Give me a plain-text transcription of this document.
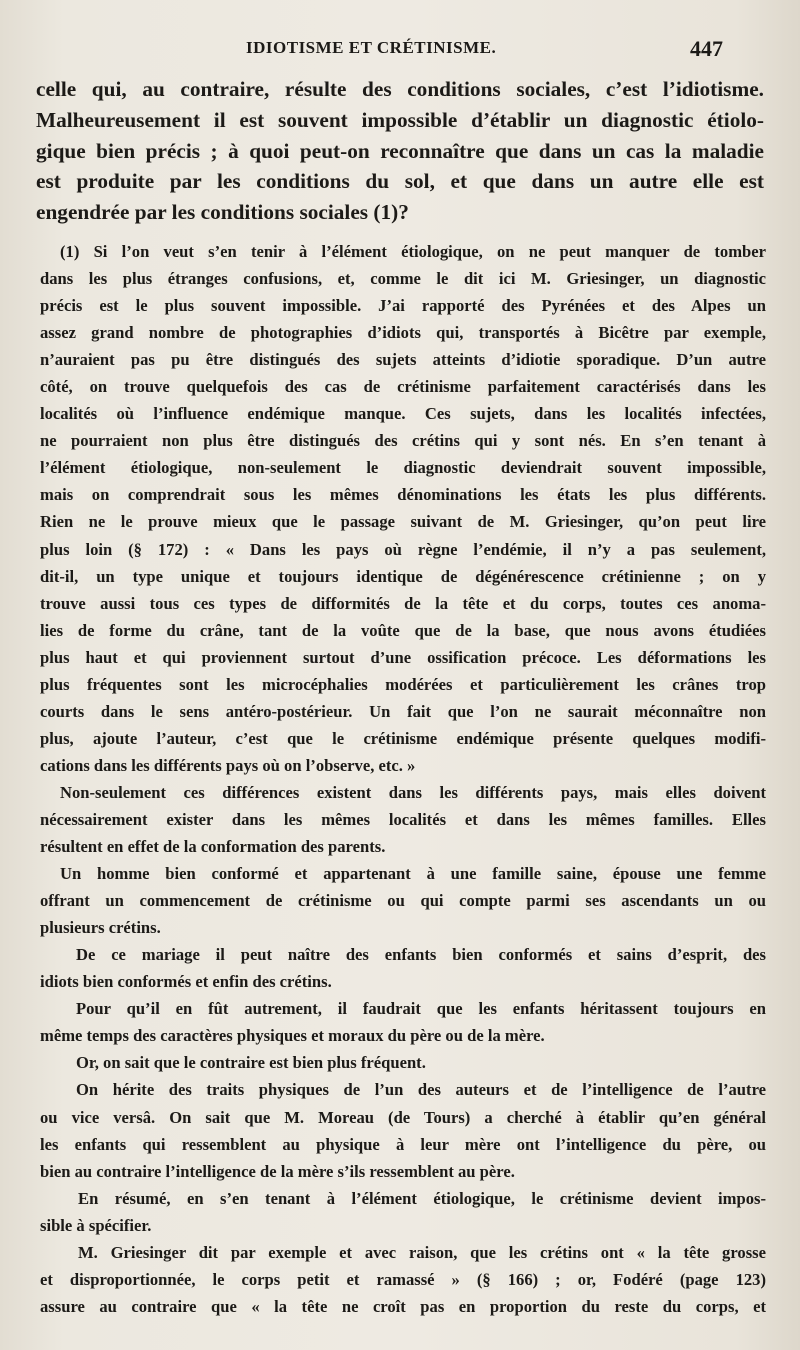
IDIOTISME ET CRÉTINISME.	447
celle qui, au contraire, résulte des conditions sociales, c’est l’idiotisme.
Malheureusement il est souvent impossible d’établir un diagnostic étiolo-
gique bien précis ; à quoi peut-on reconnaître que dans un cas la maladie
est produite par les conditions du sol, et que dans un autre elle est
engendrée par les conditions sociales (1)?
(1) Si l’on veut s’en tenir à l’élément étiologique, on ne peut manquer de tomber
dans les plus étranges confusions, et, comme le dit ici M. Griesinger, un diagnostic
précis est le plus souvent impossible. J’ai rapporté des Pyrénées et des Alpes un
assez grand nombre de photographies d’idiots qui, transportés à Bicêtre par exemple,
n’auraient pas pu être distingués des sujets atteints d’idiotie sporadique. D’un autre
côté, on trouve quelquefois des cas de crétinisme parfaitement caractérisés dans les
localités où l’influence endémique manque. Ces sujets, dans les localités infectées,
ne pourraient non plus être distingués des crétins qui y sont nés. En s’en tenant à
l’élément étiologique, non-seulement le diagnostic deviendrait souvent impossible,
mais on comprendrait sous les mêmes dénominations les états les plus différents.
Rien ne le prouve mieux que le passage suivant de M. Griesinger, qu’on peut lire
plus loin (§ 172) : « Dans les pays où règne l’endémie, il n’y a pas seulement,
dit-il, un type unique et toujours identique de dégénérescence crétinienne ; on y
trouve aussi tous ces types de difformités de la tête et du corps, toutes ces anoma-
lies de forme du crâne, tant de la voûte que de la base, que nous avons étudiées
plus haut et qui proviennent surtout d’une ossification précoce. Les déformations les
plus fréquentes sont les microcéphalies modérées et particulièrement les crânes trop
courts dans le sens antéro-postérieur. Un fait que l’on ne saurait méconnaître non
plus, ajoute l’auteur, c’est que le crétinisme endémique présente quelques modifi-
cations dans les différents pays où on l’observe, etc. »
Non-seulement ces différences existent dans les différents pays, mais elles doivent
nécessairement exister dans les mêmes localités et dans les mêmes familles. Elles
résultent en effet de la conformation des parents.
Un homme bien conformé et appartenant à une famille saine, épouse une femme
offrant un commencement de crétinisme ou qui compte parmi ses ascendants un ou
plusieurs crétins.
De ce mariage il peut naître des enfants bien conformés et sains d’esprit, des
idiots bien conformés et enfin des crétins.
Pour qu’il en fût autrement, il faudrait que les enfants héritassent toujours en
même temps des caractères physiques et moraux du père ou de la mère.
Or, on sait que le contraire est bien plus fréquent.
On hérite des traits physiques de l’un des auteurs et de l’intelligence de l’autre
ou vice versâ. On sait que M. Moreau (de Tours) a cherché à établir qu’en général
les enfants qui ressemblent au physique à leur mère ont l’intelligence du père, ou
bien au contraire l’intelligence de la mère s’ils ressemblent au père.
En résumé, en s’en tenant à l’élément étiologique, le crétinisme devient impos-
sible à spécifier.
M. Griesinger dit par exemple et avec raison, que les crétins ont « la tête grosse
et disproportionnée, le corps petit et ramassé » (§ 166) ; or, Fodéré (page 123)
assure au contraire que « la tête ne croît pas en proportion du reste du corps, et
